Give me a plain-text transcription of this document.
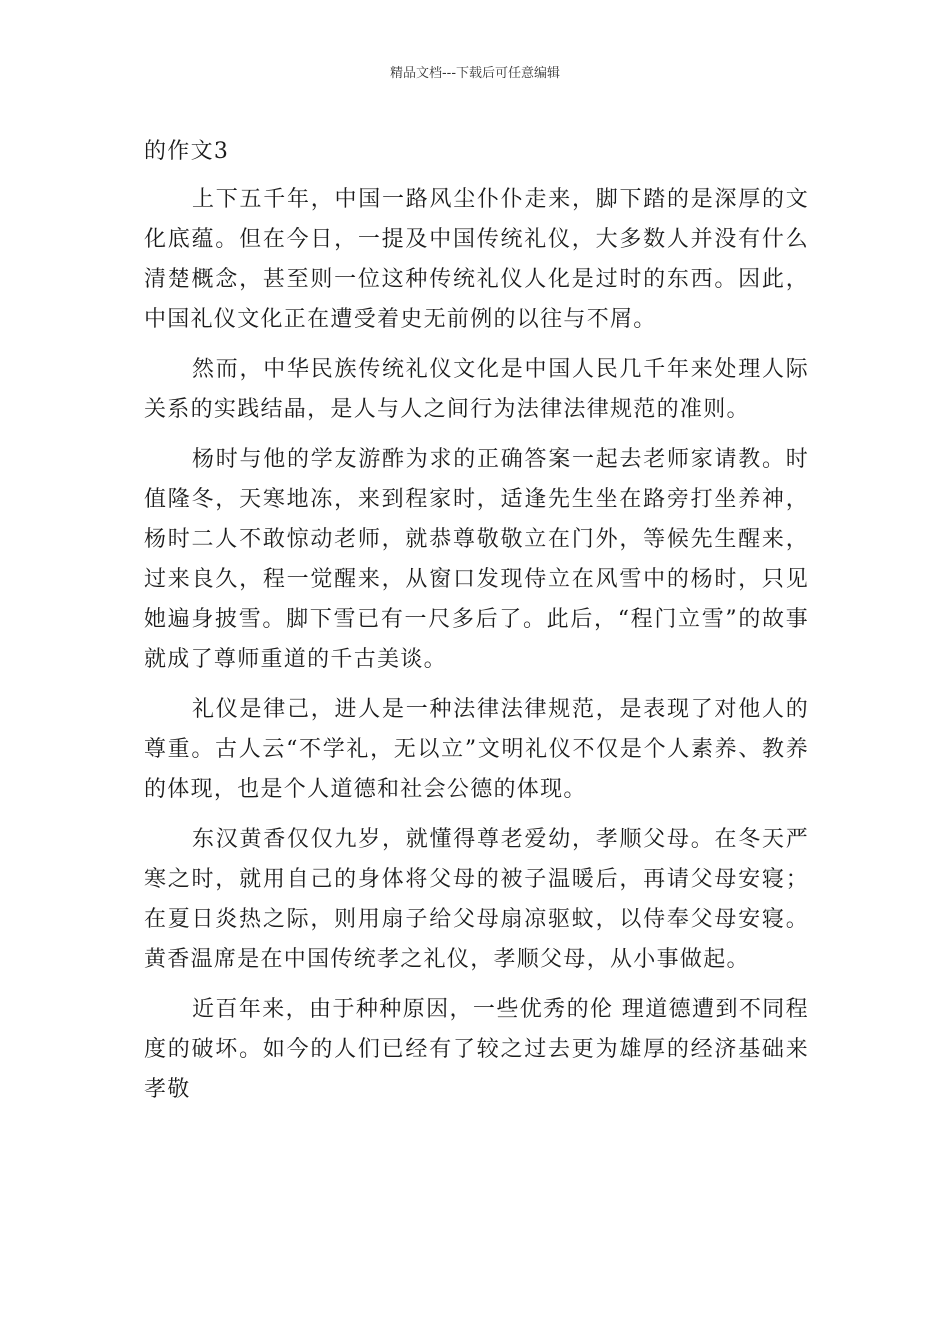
精品文档---下载后可任意编辑

的作文3

上下五千年，中国一路风尘仆仆走来，脚下踏的是深厚的文化底蕴。但在今日，一提及中国传统礼仪，大多数人并没有什么清楚概念，甚至则一位这种传统礼仪人化是过时的东西。因此，中国礼仪文化正在遭受着史无前例的以往与不屑。

然而，中华民族传统礼仪文化是中国人民几千年来处理人际关系的实践结晶，是人与人之间行为法律法律规范的准则。

杨时与他的学友游酢为求的正确答案一起去老师家请教。时值隆冬，天寒地冻，来到程家时，适逢先生坐在路旁打坐养神，杨时二人不敢惊动老师，就恭尊敬敬立在门外，等候先生醒来，过来良久，程一觉醒来，从窗口发现侍立在风雪中的杨时，只见她遍身披雪。脚下雪已有一尺多后了。此后，“程门立雪”的故事就成了尊师重道的千古美谈。

礼仪是律己，进人是一种法律法律规范，是表现了对他人的尊重。古人云“不学礼，无以立”文明礼仪不仅是个人素养、教养的体现，也是个人道德和社会公德的体现。

东汉黄香仅仅九岁，就懂得尊老爱幼，孝顺父母。在冬天严寒之时，就用自己的身体将父母的被子温暖后，再请父母安寝；在夏日炎热之际，则用扇子给父母扇凉驱蚊，以侍奉父母安寝。黄香温席是在中国传统孝之礼仪，孝顺父母，从小事做起。

近百年来，由于种种原因，一些优秀的伦 理道德遭到不同程度的破坏。如今的人们已经有了较之过去更为雄厚的经济基础来孝敬
